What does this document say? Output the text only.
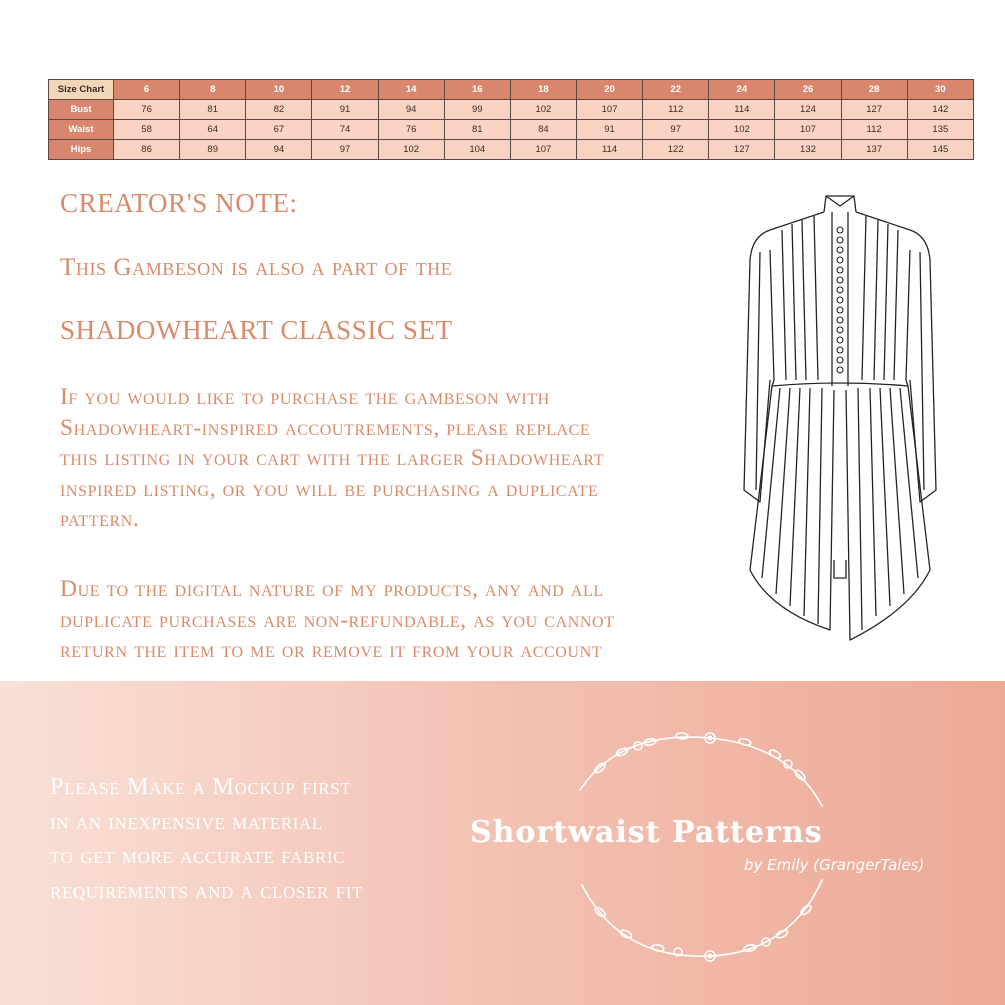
Size Chart	6	8	10	12	14	16	18	20	22	24	26	28	30
Bust	76	81	82	91	94	99	102	107	112	114	124	127	142
Waist	58	64	67	74	76	81	84	91	97	102	107	112	135
Hips	86	89	94	97	102	104	107	114	122	127	132	137	145
CREATOR'S NOTE:
This Gambeson is also a part of the
SHADOWHEART CLASSIC SET
If you would like to purchase the gambeson with
Shadowheart-inspired accoutrements, please replace
this listing in your cart with the larger Shadowheart
inspired listing, or you will be purchasing a duplicate
pattern.
Due to the digital nature of my products, any and all
duplicate purchases are non-refundable, as you cannot
return the item to me or remove it from your account
Please Make a Mockup first
in an inexpensive material
to get more accurate fabric
requirements and a closer fit
Shortwaist Patterns
by Emily (GrangerTales)
